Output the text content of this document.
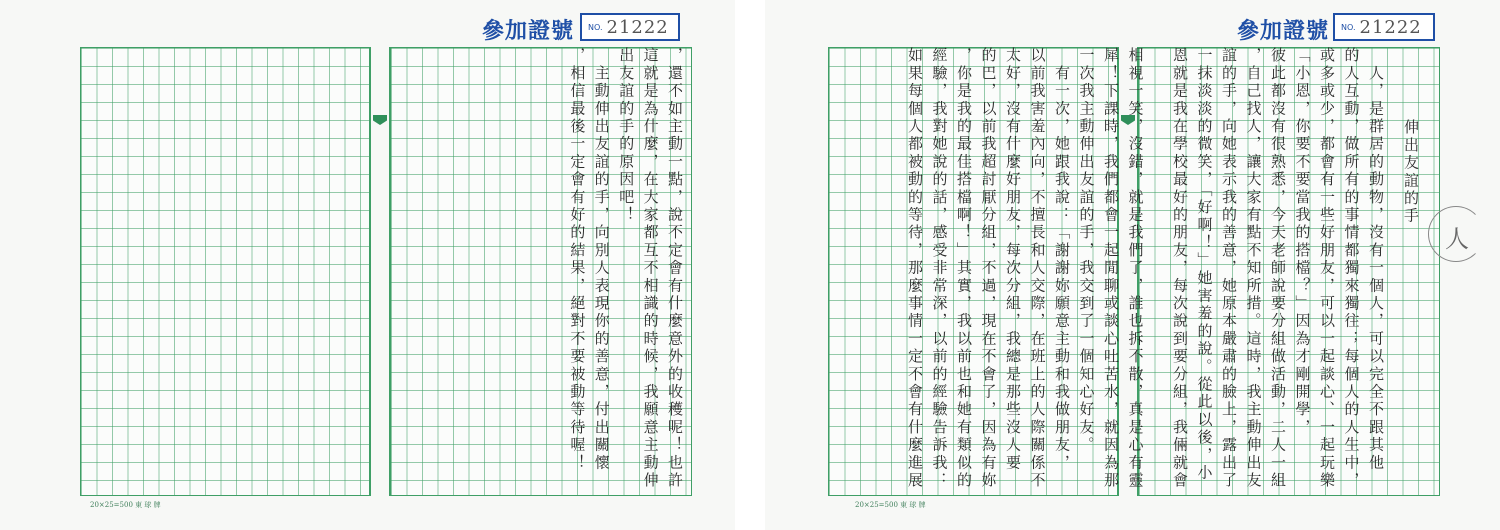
參加證號 NO. 21222
，還不如主動一點，說不定會有什麼意外的收穫呢！也許
這就是為什麼，在大家都互不相識的時候，我願意主動伸
出友誼的手的原因吧！
　主動伸出友誼的手，向別人表現你的善意，付出關懷
，相信最後一定會有好的結果，絕對不要被動等待喔！
20×25=500 東 球 牌
參加證號 NO. 21222
伸出友誼的手
　人，是群居的動物，沒有一個人，可以完全不跟其他
的人互動，做所有的事情都獨來獨往；每個人的人生中，
或多或少，都會有一些好朋友，可以一起談心、一起玩樂
「小恩，你要不要當我的搭檔？」因為才剛開學，
彼此都沒有很熟悉，今天老師說要分組做活動，二人一組
，自己找人，讓大家有點不知所措。這時，我主動伸出友
誼的手，向她表示我的善意，她原本嚴肅的臉上，露出了
一抹淡淡的微笑，「好啊！」她害羞的說。從此以後，小
恩就是我在學校最好的朋友，每次說到要分組，我倆就會
相視一笑，沒錯，就是我們了，誰也拆不散，真是心有靈
犀！下課時，我們都會一起閒聊或談心吐苦水，就因為那
一次我主動伸出友誼的手，我交到了一個知心好友。
　有一次，她跟我說：「謝謝妳願意主動和我做朋友，
以前我害羞內向，不擅長和人交際，在班上的人際關係不
太好，沒有什麼好朋友，每次分組，我總是那些沒人要
的巴，以前我超討厭分組，不過，現在不會了，因為有妳
，你是我的最佳搭檔啊！」其實，我以前也和她有類似的
經驗，我對她說的話，感受非常深，以前的經驗告訴我：
如果每個人都被動的等待，那麼事情一定不會有什麼進展
20×25=500 東 球 牌
人
